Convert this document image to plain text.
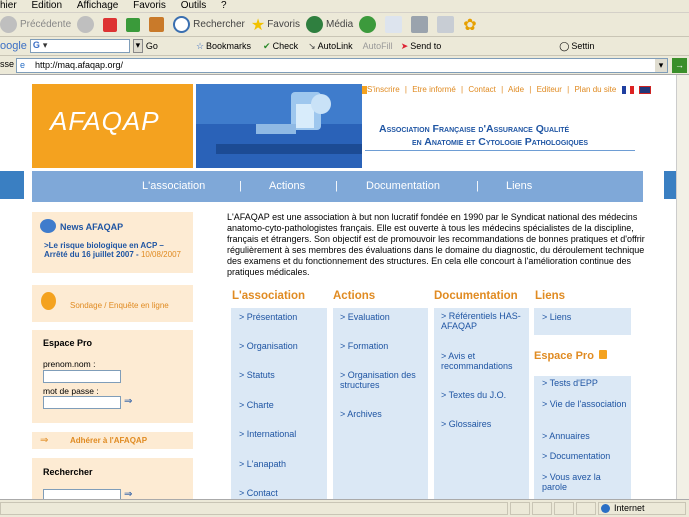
hier Edition Affichage Favoris Outils ?
Précédente	Rechercher ★ Favoris	Média	✿
oogle G ▾	▾ Go	☆ Bookmarks ✔ Check ↘ AutoLink AutoFill ➤ Send to	◯ Settin
sse e http://maq.afaqap.org/	▾	→
S'inscrire | Etre informé | Contact | Aide | Editeur | Plan du site
AFAQAP	Association Française d'Assurance Qualité
en Anatomie et Cytologie Pathologiques
L'association	| Actions	|	Documentation	| Liens
News AFAQAP
>Le risque biologique en ACP – Arrêté du 16 juillet 2007 - 10/08/2007
Sondage / Enquête en ligne
Espace Pro
prenom.nom :
mot de passe :
⇒
⇒	Adhérer à l'AFAQAP
Rechercher
⇒
L'AFAQAP est une association à but non lucratif fondée en 1990 par le Syndicat national des médecins anatomo-cyto-pathologistes français. Elle est ouverte à tous les médecins spécialistes de la discipline, français et étrangers. Son objectif est de promouvoir les recommandations de bonnes pratiques et d'offrir régulièrement à ses membres des évaluations dans le domaine du diagnostic, du déroulement technique des examens et du fonctionnement des structures. En cela elle concourt à l'amélioration continue des pratiques médicales.
L'association Actions	Documentation Liens
> Présentation
> Organisation
> Statuts
> Charte
> International
> L'anapath
> Contact
> Evaluation
> Formation
> Organisation des structures
> Archives
> Référentiels HAS-AFAQAP
> Avis et recommandations
> Textes du J.O.
> Glossaires
> Liens
Espace Pro
> Tests d'EPP
> Vie de l'association
> Annuaires
> Documentation
> Vous avez la parole
Internet
